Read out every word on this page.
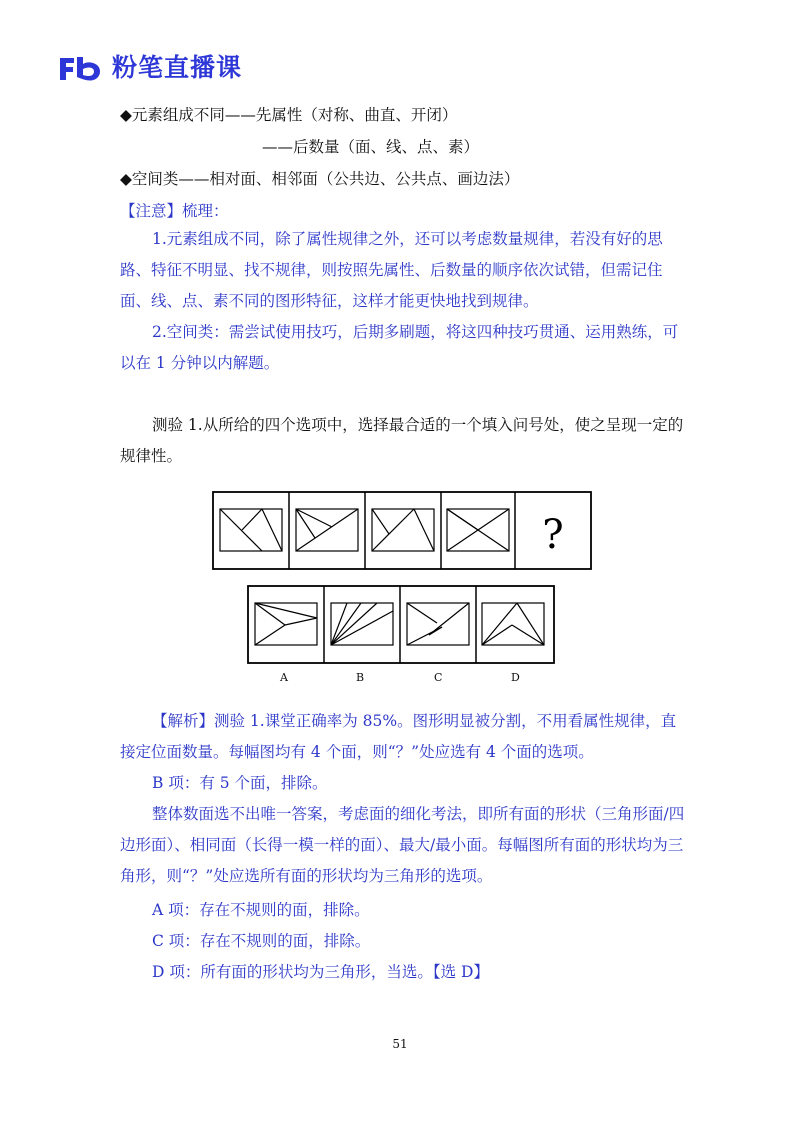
粉笔直播课
◆元素组成不同——先属性（对称、曲直、开闭）
——后数量（面、线、点、素）
◆空间类——相对面、相邻面（公共边、公共点、画边法）
【注意】梳理：
1.元素组成不同，除了属性规律之外，还可以考虑数量规律，若没有好的思路、特征不明显、找不规律，则按照先属性、后数量的顺序依次试错，但需记住面、线、点、素不同的图形特征，这样才能更快地找到规律。
2.空间类：需尝试使用技巧，后期多刷题，将这四种技巧贯通、运用熟练，可以在 1 分钟以内解题。
测验 1.从所给的四个选项中，选择最合适的一个填入问号处，使之呈现一定的规律性。
?
A	B	C	D
【解析】测验 1.课堂正确率为 85%。图形明显被分割，不用看属性规律，直接定位面数量。每幅图均有 4 个面，则“？”处应选有 4 个面的选项。
B 项：有 5 个面，排除。
整体数面选不出唯一答案，考虑面的细化考法，即所有面的形状（三角形面/四边形面）、相同面（长得一模一样的面）、最大/最小面。每幅图所有面的形状均为三角形，则“？”处应选所有面的形状均为三角形的选项。
A 项：存在不规则的面，排除。
C 项：存在不规则的面，排除。
D 项：所有面的形状均为三角形，当选。【选 D】
51
